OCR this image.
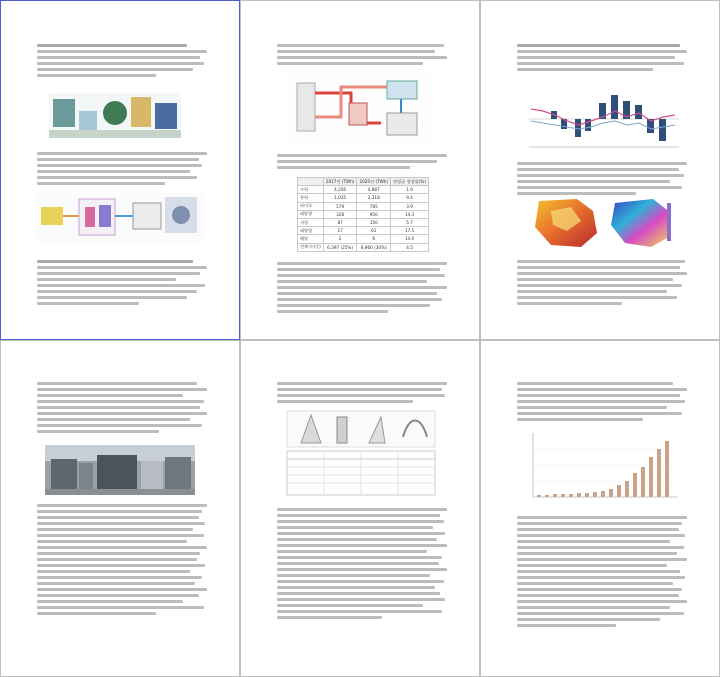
	2017년 (TWh)	2025년 (TWh)	연평균 성장률(%)
수력	4,256	4,887	1.9
풍력	1,035	2,318	9.4
바이오	579	785	3.9
태양광	328	950	14.3
지열	87	150	5.7
태양열	17	61	17.5
해양	2	6	14.0
전체 (비중)	6,397 (25%)	8,960 (30%)	4.5
